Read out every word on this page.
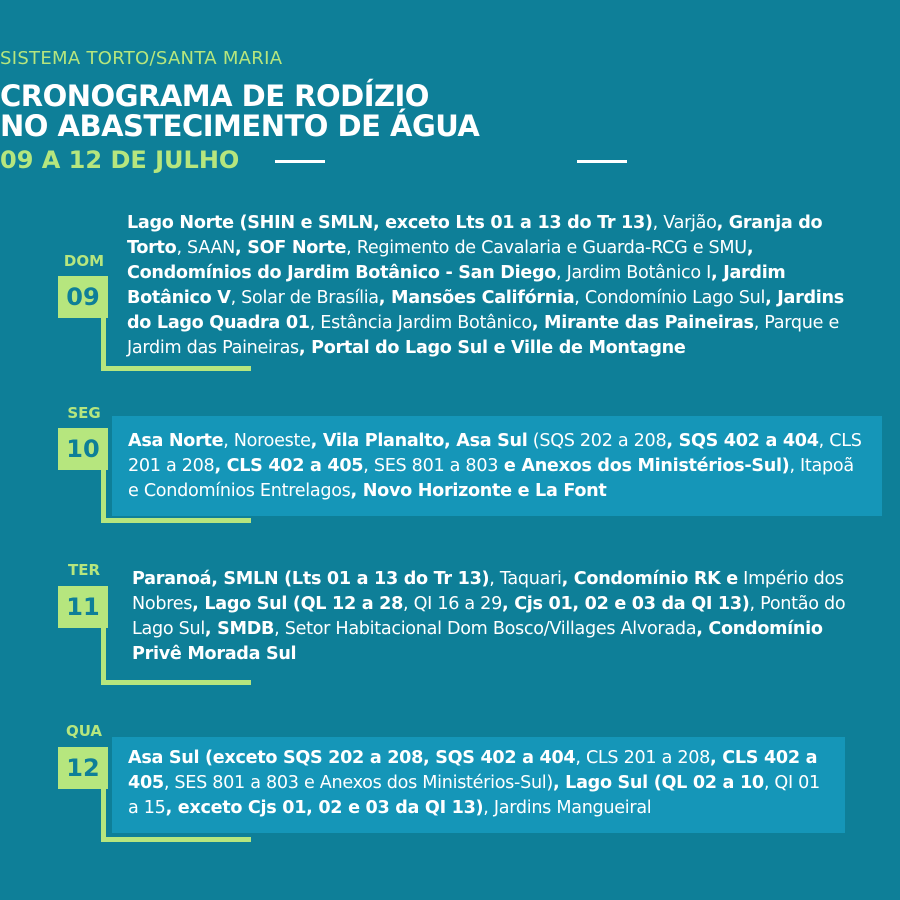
SISTEMA TORTO/SANTA MARIA
CRONOGRAMA DE RODÍZIO
NO ABASTECIMENTO DE ÁGUA
09 A 12 DE JULHO
DOM
09
Lago Norte (SHIN e SMLN, exceto Lts 01 a 13 do Tr 13), Varjão, Granja do Torto, SAAN, SOF Norte, Regimento de Cavalaria e Guarda-RCG e SMU, Condomínios do Jardim Botânico - San Diego, Jardim Botânico I, Jardim Botânico V, Solar de Brasília, Mansões Califórnia, Condomínio Lago Sul, Jardins do Lago Quadra 01, Estância Jardim Botânico, Mirante das Paineiras, Parque e Jardim das Paineiras, Portal do Lago Sul e Ville de Montagne
SEG
10	Asa Norte, Noroeste, Vila Planalto, Asa Sul (SQS 202 a 208, SQS 402 a 404, CLS 201 a 208, CLS 402 a 405, SES 801 a 803 e Anexos dos Ministérios-Sul), Itapoã e Condomínios Entrelagos, Novo Horizonte e La Font
TER
11
Paranoá, SMLN (Lts 01 a 13 do Tr 13), Taquari, Condomínio RK e Império dos Nobres, Lago Sul (QL 12 a 28, QI 16 a 29, Cjs 01, 02 e 03 da QI 13), Pontão do Lago Sul, SMDB, Setor Habitacional Dom Bosco/Villages Alvorada, Condomínio Privê Morada Sul
QUA
12	Asa Sul (exceto SQS 202 a 208, SQS 402 a 404, CLS 201 a 208, CLS 402 a 405, SES 801 a 803 e Anexos dos Ministérios-Sul), Lago Sul (QL 02 a 10, QI 01 a 15, exceto Cjs 01, 02 e 03 da QI 13), Jardins Mangueiral
